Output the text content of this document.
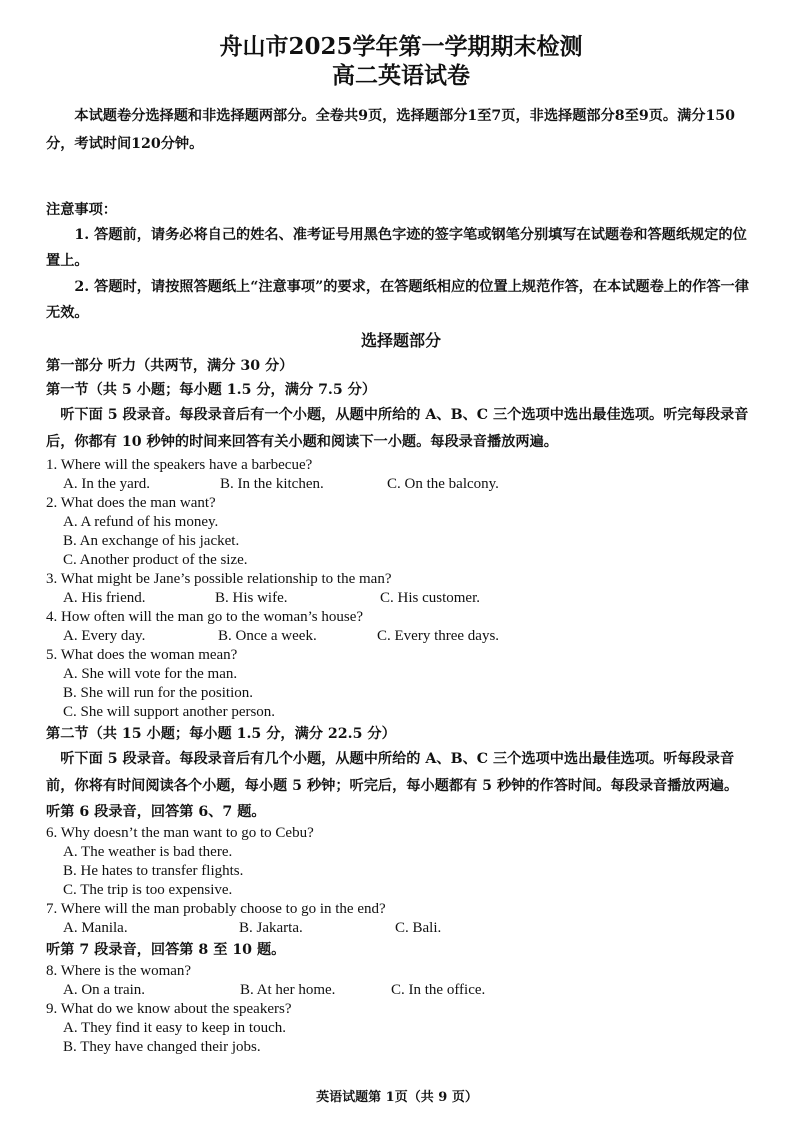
舟山市2025学年第一学期期末检测
高二英语试卷
本试题卷分选择题和非选择题两部分。全卷共9页，选择题部分1至7页，非选择题部分8至9页。满分150分，考试时间120分钟。
注意事项：
1. 答题前，请务必将自己的姓名、准考证号用黑色字迹的签字笔或钢笔分别填写在试题卷和答题纸规定的位置上。
2. 答题时，请按照答题纸上“注意事项”的要求，在答题纸相应的位置上规范作答，在本试题卷上的作答一律无效。
选择题部分
第一部分 听力（共两节，满分 30 分）
第一节（共 5 小题；每小题 1.5 分，满分 7.5 分）
听下面 5 段录音。每段录音后有一个小题，从题中所给的 A、B、C 三个选项中选出最佳选项。听完每段录音后，你都有 10 秒钟的时间来回答有关小题和阅读下一小题。每段录音播放两遍。
1. Where will the speakers have a barbecue?
A. In the yard.	B. In the kitchen.	C. On the balcony.
2. What does the man want?
A. A refund of his money.
B. An exchange of his jacket.
C. Another product of the size.
3. What might be Jane’s possible relationship to the man?
A. His friend.	B. His wife.	C. His customer.
4. How often will the man go to the woman’s house?
A. Every day.	B. Once a week.	C. Every three days.
5. What does the woman mean?
A. She will vote for the man.
B. She will run for the position.
C. She will support another person.
第二节（共 15 小题；每小题 1.5 分，满分 22.5 分）
听下面 5 段录音。每段录音后有几个小题，从题中所给的 A、B、C 三个选项中选出最佳选项。听每段录音前，你将有时间阅读各个小题，每小题 5 秒钟；听完后，每小题都有 5 秒钟的作答时间。每段录音播放两遍。
听第 6 段录音，回答第 6、7 题。
6. Why doesn’t the man want to go to Cebu?
A. The weather is bad there.
B. He hates to transfer flights.
C. The trip is too expensive.
7. Where will the man probably choose to go in the end?
A. Manila.	B. Jakarta.	C. Bali.
听第 7 段录音，回答第 8 至 10 题。
8. Where is the woman?
A. On a train.	B. At her home.	C. In the office.
9. What do we know about the speakers?
A. They find it easy to keep in touch.
B. They have changed their jobs.
英语试题第 1页（共 9 页）
